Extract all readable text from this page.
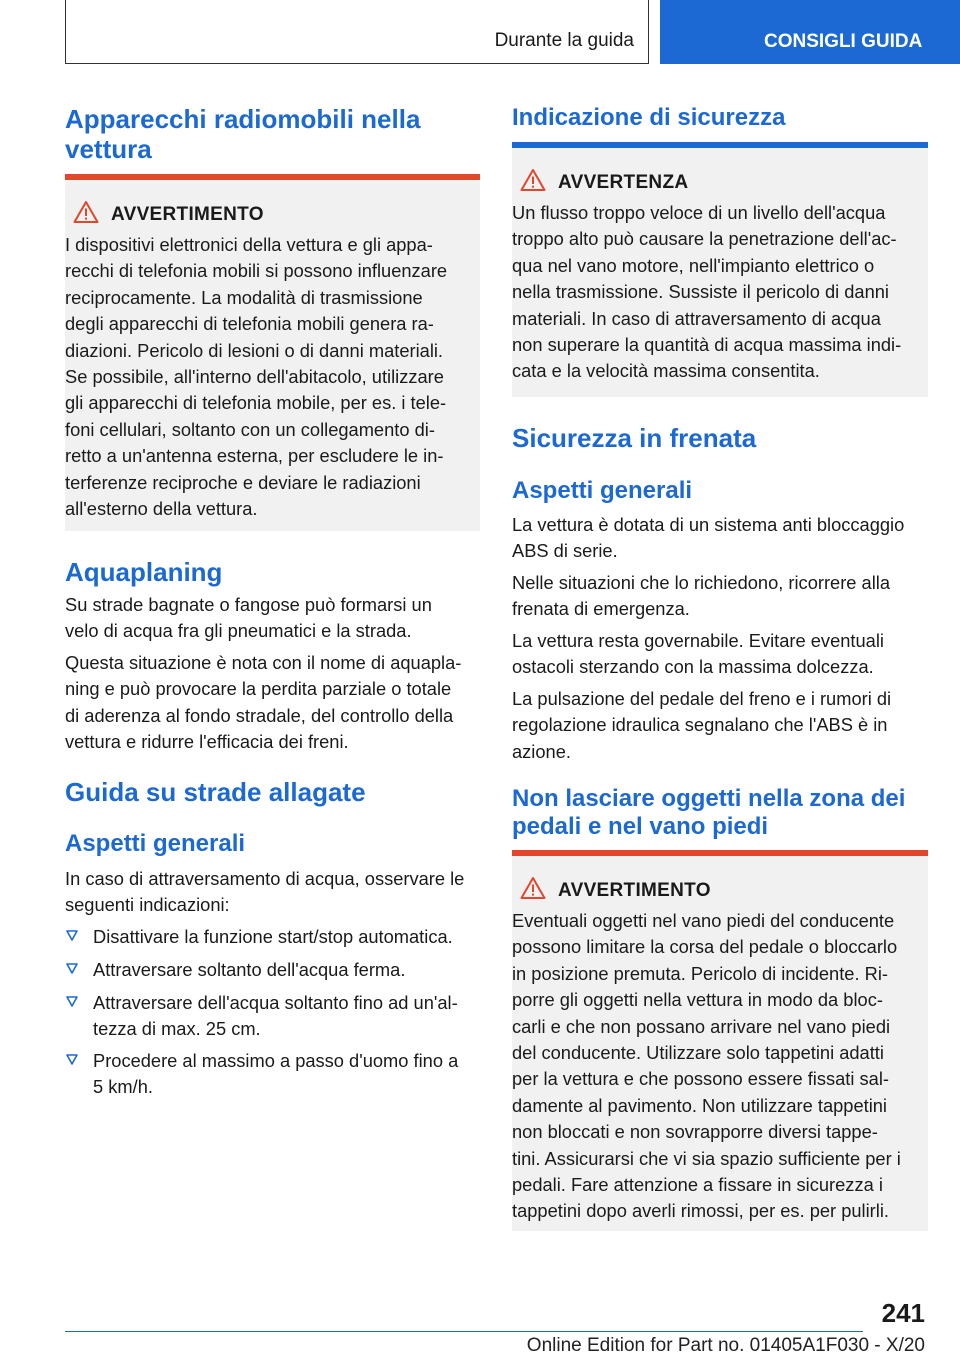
Durante la guida	CONSIGLI GUIDA
Apparecchi radiomobili nella vettura
AVVERTIMENTO
I dispositivi elettronici della vettura e gli appa-
recchi di telefonia mobili si possono influenzare
reciprocamente. La modalità di trasmissione
degli apparecchi di telefonia mobili genera ra-
diazioni. Pericolo di lesioni o di danni materiali.
Se possibile, all'interno dell'abitacolo, utilizzare
gli apparecchi di telefonia mobile, per es. i tele-
foni cellulari, soltanto con un collegamento di-
retto a un'antenna esterna, per escludere le in-
terferenze reciproche e deviare le radiazioni
all'esterno della vettura.
Aquaplaning
Su strade bagnate o fangose può formarsi un
velo di acqua fra gli pneumatici e la strada.
Questa situazione è nota con il nome di aquapla-
ning e può provocare la perdita parziale o totale
di aderenza al fondo stradale, del controllo della
vettura e ridurre l'efficacia dei freni.
Guida su strade allagate
Aspetti generali
In caso di attraversamento di acqua, osservare le
seguenti indicazioni:
Disattivare la funzione start/stop automatica.
Attraversare soltanto dell'acqua ferma.
Attraversare dell'acqua soltanto fino ad un'al-
tezza di max. 25 cm.
Procedere al massimo a passo d'uomo fino a
5 km/h.
Indicazione di sicurezza
AVVERTENZA
Un flusso troppo veloce di un livello dell'acqua
troppo alto può causare la penetrazione dell'ac-
qua nel vano motore, nell'impianto elettrico o
nella trasmissione. Sussiste il pericolo di danni
materiali. In caso di attraversamento di acqua
non superare la quantità di acqua massima indi-
cata e la velocità massima consentita.
Sicurezza in frenata
Aspetti generali
La vettura è dotata di un sistema anti bloccaggio
ABS di serie.
Nelle situazioni che lo richiedono, ricorrere alla
frenata di emergenza.
La vettura resta governabile. Evitare eventuali
ostacoli sterzando con la massima dolcezza.
La pulsazione del pedale del freno e i rumori di
regolazione idraulica segnalano che l'ABS è in
azione.
Non lasciare oggetti nella zona dei pedali e nel vano piedi
AVVERTIMENTO
Eventuali oggetti nel vano piedi del conducente
possono limitare la corsa del pedale o bloccarlo
in posizione premuta. Pericolo di incidente. Ri-
porre gli oggetti nella vettura in modo da bloc-
carli e che non possano arrivare nel vano piedi
del conducente. Utilizzare solo tappetini adatti
per la vettura e che possono essere fissati sal-
damente al pavimento. Non utilizzare tappetini
non bloccati e non sovrapporre diversi tappe-
tini. Assicurarsi che vi sia spazio sufficiente per i
pedali. Fare attenzione a fissare in sicurezza i
tappetini dopo averli rimossi, per es. per pulirli.
241
Online Edition for Part no. 01405A1F030 - X/20
